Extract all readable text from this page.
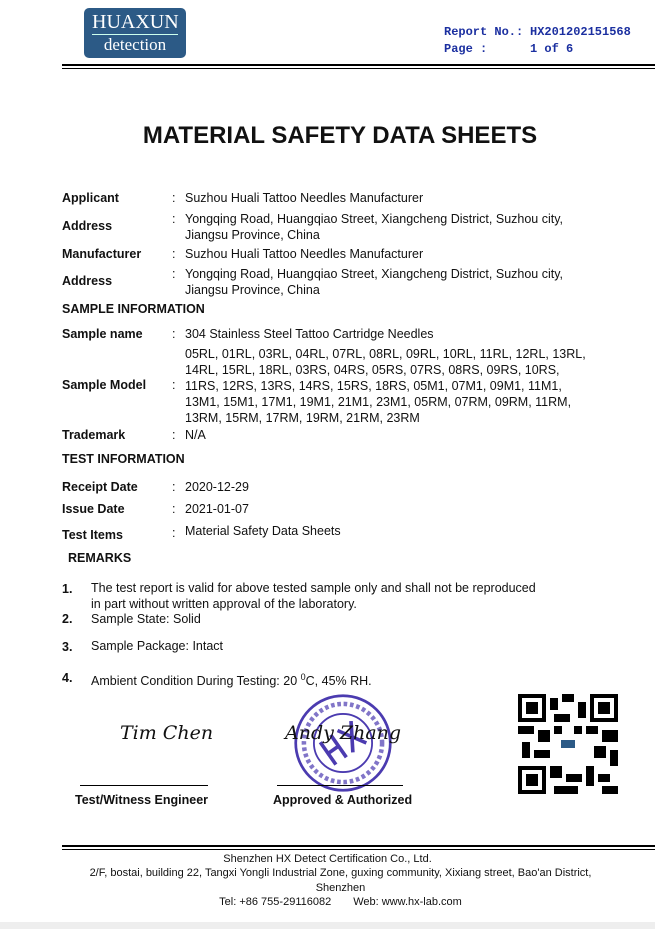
HUAXUN
detection
Report No.: HX201202151568
Page :	1 of 6
MATERIAL SAFETY DATA SHEETS
Applicant	: Suzhou Huali Tattoo Needles Manufacturer
Address	: Yongqing Road, Huangqiao Street, Xiangcheng District, Suzhou city,
Jiangsu Province, China
Manufacturer : Suzhou Huali Tattoo Needles Manufacturer
Address	: Yongqing Road, Huangqiao Street, Xiangcheng District, Suzhou city,
Jiangsu Province, China
SAMPLE INFORMATION
Sample name : 304 Stainless Steel Tattoo Cartridge Needles
Sample Model :
05RL, 01RL, 03RL, 04RL, 07RL, 08RL, 09RL, 10RL, 11RL, 12RL, 13RL,
14RL, 15RL, 18RL, 03RS, 04RS, 05RS, 07RS, 08RS, 09RS, 10RS,
11RS, 12RS, 13RS, 14RS, 15RS, 18RS, 05M1, 07M1, 09M1, 11M1,
13M1, 15M1, 17M1, 19M1, 21M1, 23M1, 05RM, 07RM, 09RM, 11RM,
13RM, 15RM, 17RM, 19RM, 21RM, 23RM
Trademark	: N/A
TEST INFORMATION
Receipt Date	: 2020-12-29
Issue Date	: 2021-01-07
Test Items	: Material Safety Data Sheets
REMARKS
1. The test report is valid for above tested sample only and shall not be reproduced
in part without written approval of the laboratory.
2. Sample State: Solid
3. Sample Package: Intact
4. Ambient Condition During Testing: 20 $^0$C, 45% RH.
Tim Chen
Test/Witness Engineer
Andy Zhang
Approved & Authorized
Shenzhen HX Detect Certification Co., Ltd.
2/F, bostai, building 22, Tangxi Yongli Industrial Zone, guxing community, Xixiang street, Bao'an District,
Shenzhen
Tel: +86 755-29116082 Web: www.hx-lab.com
